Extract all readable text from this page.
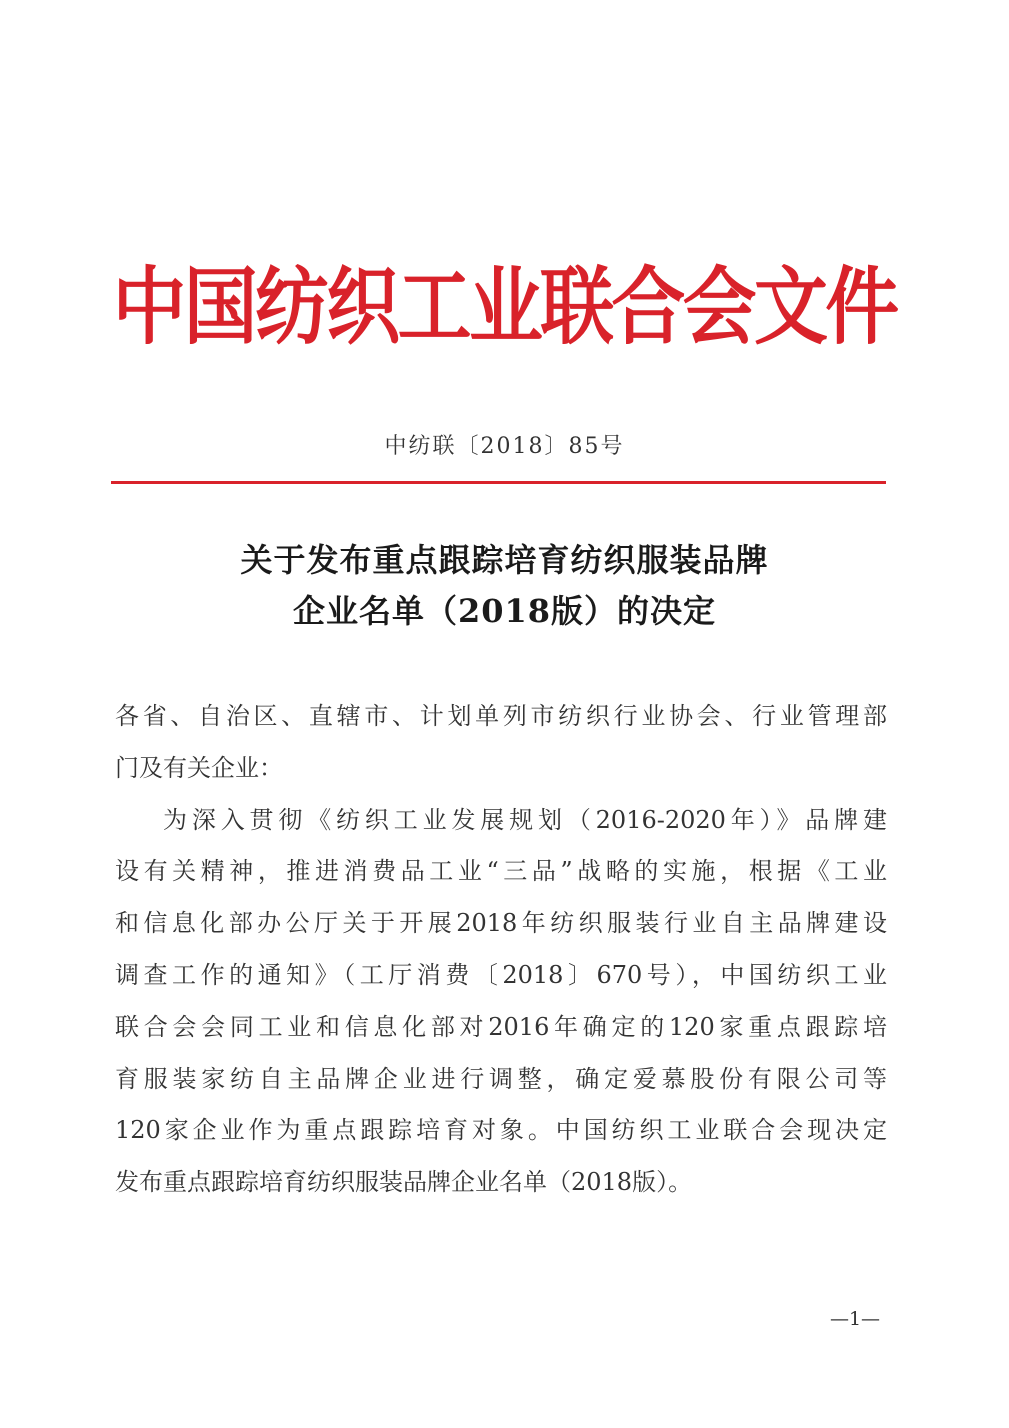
中国纺织工业联合会文件
中纺联〔2018〕85号
关于发布重点跟踪培育纺织服装品牌
企业名单（2018版）的决定
各省、自治区、直辖市、计划单列市纺织行业协会、行业管理部
门及有关企业：
为深入贯彻《纺织工业发展规划（2016-2020年）》品牌建
设有关精神，推进消费品工业“三品”战略的实施，根据《工业
和信息化部办公厅关于开展2018年纺织服装行业自主品牌建设
调查工作的通知》（工厅消费〔2018〕670号），中国纺织工业
联合会会同工业和信息化部对2016年确定的120家重点跟踪培
育服装家纺自主品牌企业进行调整，确定爱慕股份有限公司等
120家企业作为重点跟踪培育对象。中国纺织工业联合会现决定
发布重点跟踪培育纺织服装品牌企业名单（2018版）。
—1—
